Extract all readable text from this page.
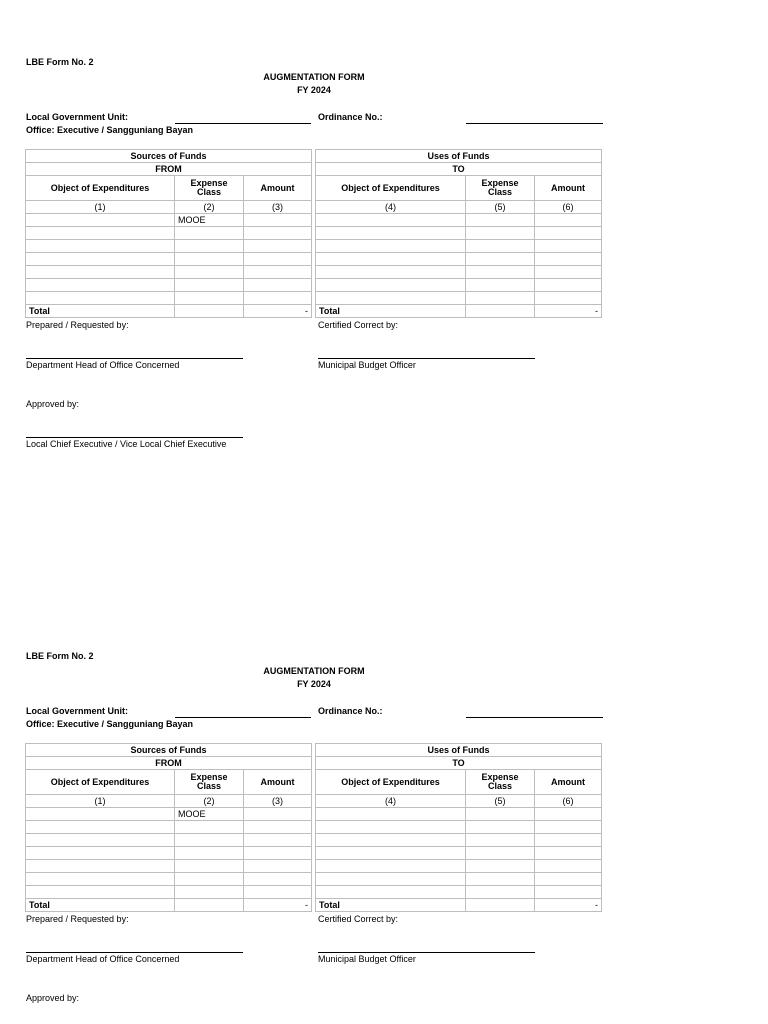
LBE Form No. 2
AUGMENTATION FORM
FY 2024
Local Government Unit:	Ordinance No.:
Office: Executive / Sangguniang Bayan
Sources of Funds				Uses of Funds		
FROM				TO		
Object of Expenditures	Expense Class	Amount		Object of Expenditures	Expense Class	Amount
(1)	(2)	(3)		(4)	(5)	(6)
	MOOE					

Total		-		Total		-
Prepared / Requested by:	Certified Correct by:
Department Head of Office Concerned	Municipal Budget Officer
Approved by:
Local Chief Executive / Vice Local Chief Executive
LBE Form No. 2
AUGMENTATION FORM
FY 2024
Local Government Unit:	Ordinance No.:
Office: Executive / Sangguniang Bayan
Sources of Funds				Uses of Funds		
FROM				TO		
Object of Expenditures	Expense Class	Amount		Object of Expenditures	Expense Class	Amount
(1)	(2)	(3)		(4)	(5)	(6)
	MOOE					

Total		-		Total		-
Prepared / Requested by:	Certified Correct by:
Department Head of Office Concerned	Municipal Budget Officer
Approved by:
